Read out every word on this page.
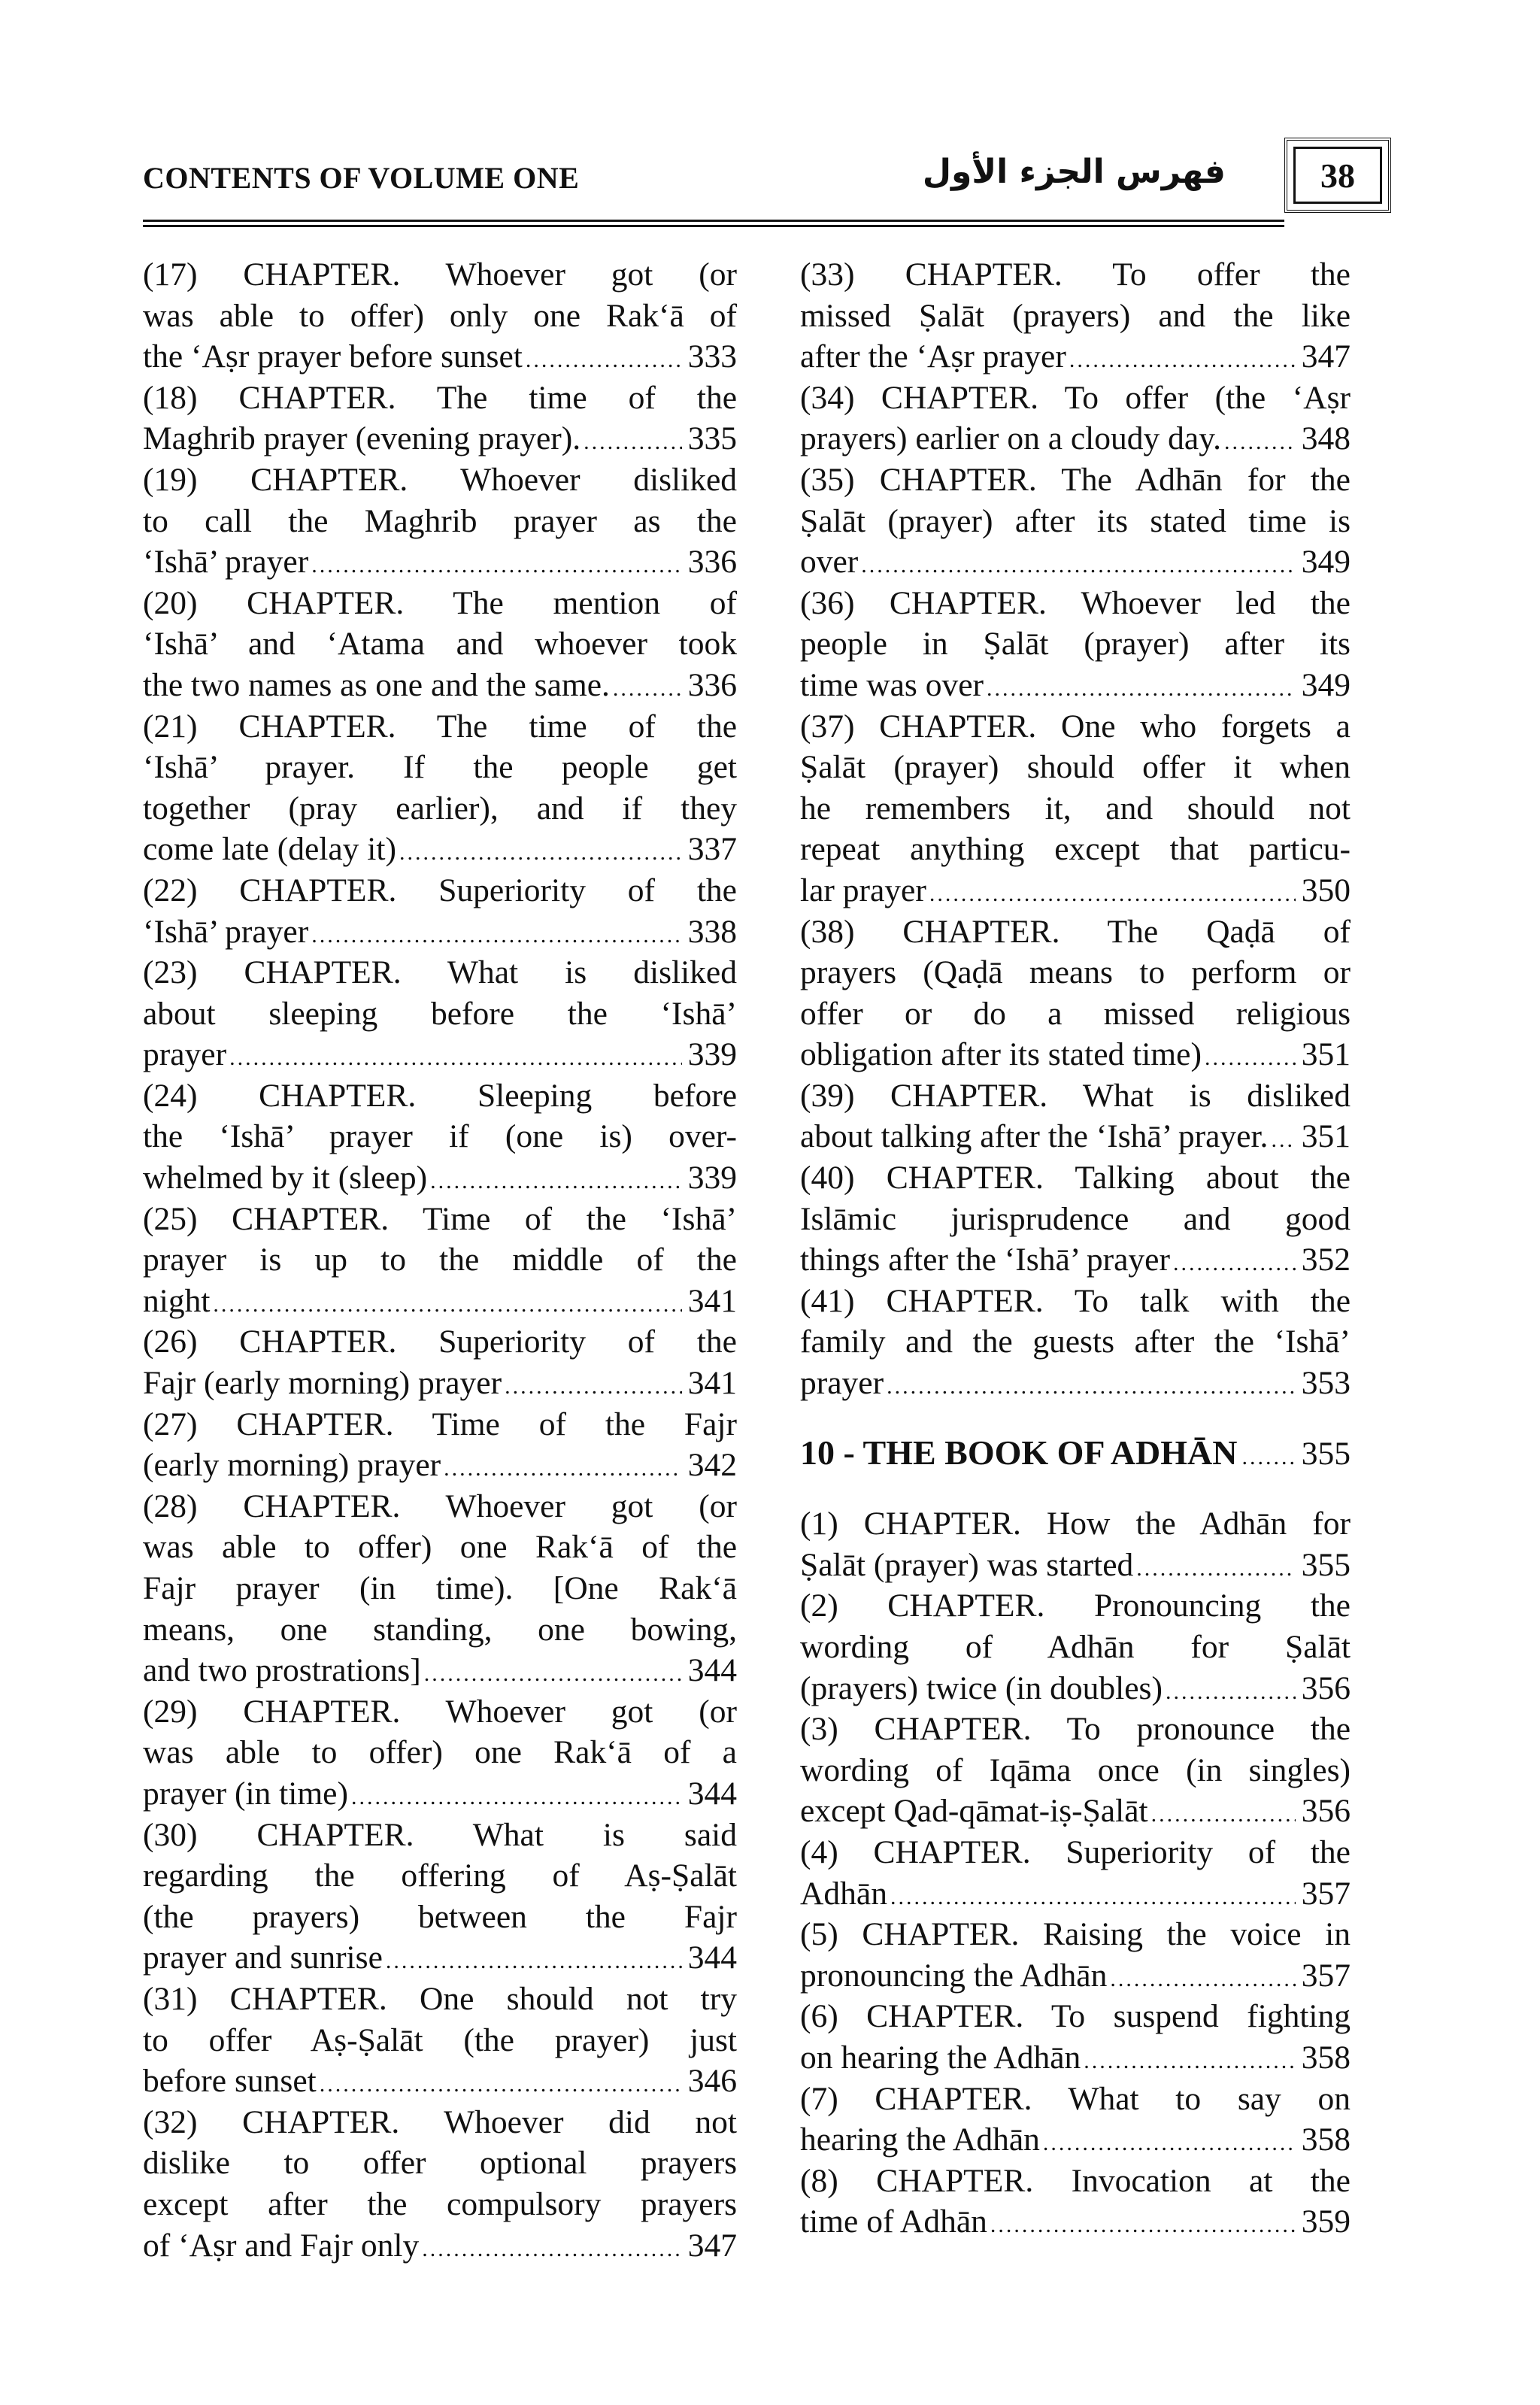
CONTENTS OF VOLUME ONE	فهرس الجزء الأول	38
(17) CHAPTER. Whoever got (or
was able to offer) only one Rak‘ā of
the ‘Aṣr prayer before sunset .....	333
(18) CHAPTER. The time of the
Maghrib prayer (evening prayer). .....	335
(19) CHAPTER. Whoever disliked
to call the Maghrib prayer as the
‘Ishā’ prayer .....	336
(20) CHAPTER. The mention of
‘Ishā’ and ‘Atama and whoever took
the two names as one and the same. ..... 336
(21) CHAPTER. The time of the
‘Ishā’ prayer. If the people get
together (pray earlier), and if they
come late (delay it) .....	337
(22) CHAPTER. Superiority of the
‘Ishā’ prayer .....	338
(23) CHAPTER. What is disliked
about sleeping before the ‘Ishā’
prayer .....	339
(24) CHAPTER. Sleeping before
the ‘Ishā’ prayer if (one is) over-
whelmed by it (sleep) .....	339
(25) CHAPTER. Time of the ‘Ishā’
prayer is up to the middle of the
night .....	341
(26) CHAPTER. Superiority of the
Fajr (early morning) prayer .....	341
(27) CHAPTER. Time of the Fajr
(early morning) prayer .....	342
(28) CHAPTER. Whoever got (or
was able to offer) one Rak‘ā of the
Fajr prayer (in time). [One Rak‘ā
means, one standing, one bowing,
and two prostrations] .....	344
(29) CHAPTER. Whoever got (or
was able to offer) one Rak‘ā of a
prayer (in time) .....	344
(30) CHAPTER. What is said
regarding the offering of Aṣ-Ṣalāt
(the prayers) between the Fajr
prayer and sunrise .....	344
(31) CHAPTER. One should not try
to offer Aṣ-Ṣalāt (the prayer) just
before sunset .....	346
(32) CHAPTER. Whoever did not
dislike to offer optional prayers
except after the compulsory prayers
of ‘Aṣr and Fajr only .....	347
(33) CHAPTER. To offer the
missed Ṣalāt (prayers) and the like
after the ‘Aṣr prayer .....	347
(34) CHAPTER. To offer (the ‘Aṣr
prayers) earlier on a cloudy day. ..... 348
(35) CHAPTER. The Adhān for the
Ṣalāt (prayer) after its stated time is
over .....	349
(36) CHAPTER. Whoever led the
people in Ṣalāt (prayer) after its
time was over .....	349
(37) CHAPTER. One who forgets a
Ṣalāt (prayer) should offer it when
he remembers it, and should not
repeat anything except that particu-
lar prayer .....	350
(38) CHAPTER. The Qaḍā of
prayers (Qaḍā means to perform or
offer or do a missed religious
obligation after its stated time) .....	351
(39) CHAPTER. What is disliked
about talking after the ‘Ishā’ prayer. ..... 351
(40) CHAPTER. Talking about the
Islāmic jurisprudence and good
things after the ‘Ishā’ prayer .....	352
(41) CHAPTER. To talk with the
family and the guests after the ‘Ishā’
prayer .....	353
10 - THE BOOK OF ADHĀN ..... 355
(1) CHAPTER. How the Adhān for
Ṣalāt (prayer) was started .....	355
(2) CHAPTER. Pronouncing the
wording of Adhān for Ṣalāt
(prayers) twice (in doubles) .....	356
(3) CHAPTER. To pronounce the
wording of Iqāma once (in singles)
except Qad-qāmat-iṣ-Ṣalāt .....	356
(4) CHAPTER. Superiority of the
Adhān .....	357
(5) CHAPTER. Raising the voice in
pronouncing the Adhān .....	357
(6) CHAPTER. To suspend fighting
on hearing the Adhān .....	358
(7) CHAPTER. What to say on
hearing the Adhān .....	358
(8) CHAPTER. Invocation at the
time of Adhān .....	359
